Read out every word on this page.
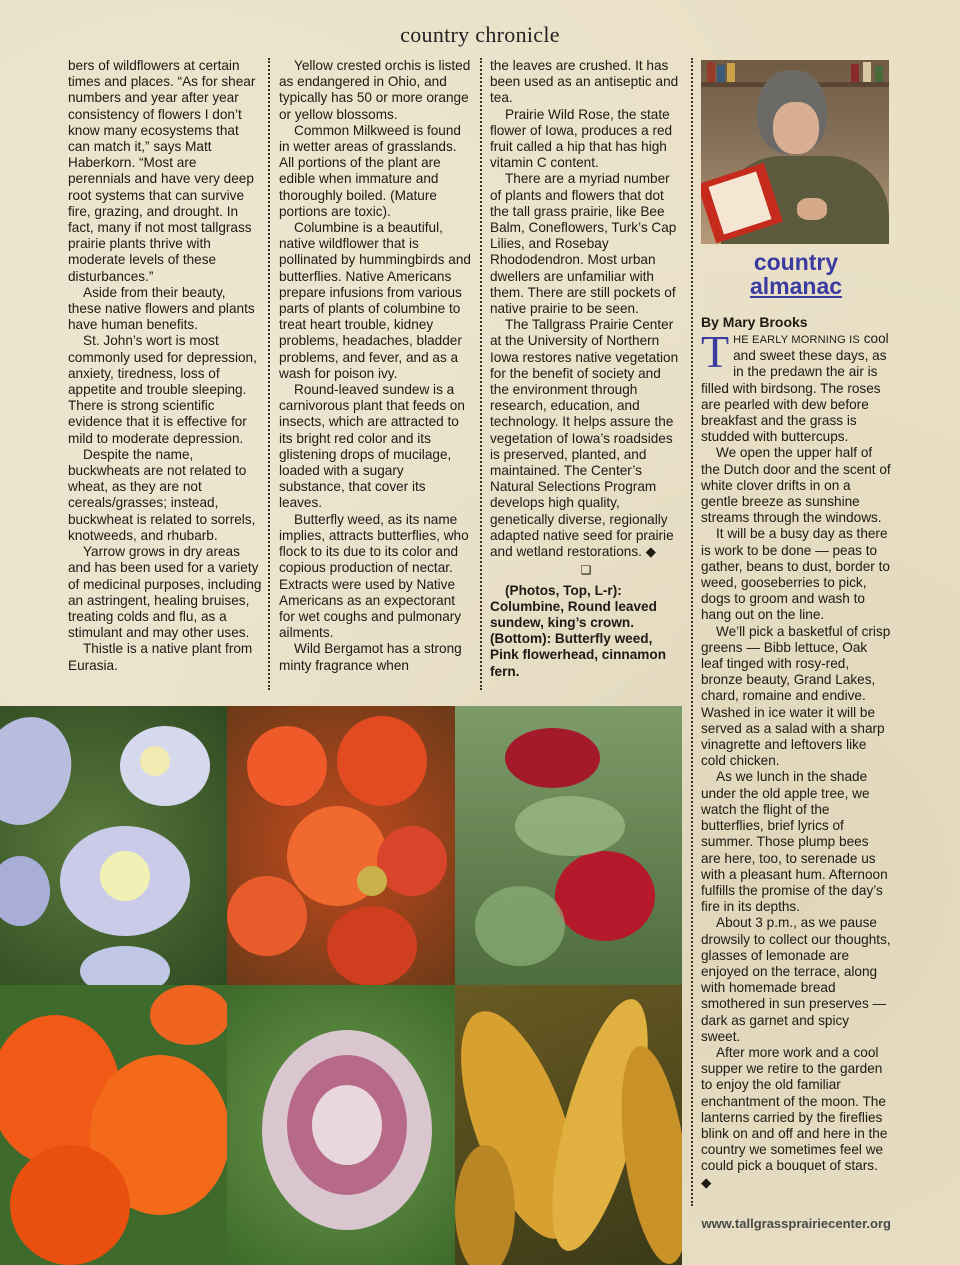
country chronicle

bers of wildflowers at certain times and places. “As for shear numbers and year after year consistency of flowers I don’t know many ecosystems that can match it,” says Matt Haberkorn. “Most are perennials and have very deep root systems that can survive fire, grazing, and drought. In fact, many if not most tallgrass prairie plants thrive with moderate levels of these disturbances.”

Aside from their beauty, these native flowers and plants have human benefits.

St. John’s wort is most commonly used for depression, anxiety, tiredness, loss of appetite and trouble sleeping. There is strong scientific evidence that it is effective for mild to moderate depression.

Despite the name, buckwheats are not related to wheat, as they are not cereals/grasses; instead, buckwheat is related to sorrels, knotweeds, and rhubarb.

Yarrow grows in dry areas and has been used for a variety of medicinal purposes, including an astringent, healing bruises, treating colds and flu, as a stimulant and may other uses.

Thistle is a native plant from Eurasia.

Yellow crested orchis is listed as endangered in Ohio, and typically has 50 or more orange or yellow blossoms.

Common Milkweed is found in wetter areas of grasslands. All portions of the plant are edible when immature and thoroughly boiled. (Mature portions are toxic).

Columbine is a beautiful, native wildflower that is pollinated by hummingbirds and butterflies. Native Americans prepare infusions from various parts of plants of columbine to treat heart trouble, kidney problems, headaches, bladder problems, and fever, and as a wash for poison ivy.

Round-leaved sundew is a carnivorous plant that feeds on insects, which are attracted to its bright red color and its glistening drops of mucilage, loaded with a sugary substance, that cover its leaves.

Butterfly weed, as its name implies, attracts butterflies, who flock to its due to its color and copious production of nectar. Extracts were used by Native Americans as an expectorant for wet coughs and pulmonary ailments.

Wild Bergamot has a strong minty fragrance when

the leaves are crushed. It has been used as an antiseptic and tea.

Prairie Wild Rose, the state flower of Iowa, produces a red fruit called a hip that has high vitamin C content.

There are a myriad number of plants and flowers that dot the tall grass prairie, like Bee Balm, Coneflowers, Turk’s Cap Lilies, and Rosebay Rhododendron. Most urban dwellers are unfamiliar with them. There are still pockets of native prairie to be seen.

The Tallgrass Prairie Center at the University of Northern Iowa restores native vegetation for the benefit of society and the environment through research, education, and technology. It helps assure the vegetation of Iowa’s roadsides is preserved, planted, and maintained. The Center’s Natural Selections Program develops high quality, genetically diverse, regionally adapted native seed for prairie and wetland restorations. ◆

❑

(Photos, Top, L-r): Columbine, Round leaved sundew, king’s crown. (Bottom): Butterfly weed, Pink flowerhead, cinnamon fern.

country
almanac
By Mary Brooks

THE EARLY MORNING IS cool and sweet these days, as in the predawn the air is filled with birdsong. The roses are pearled with dew before breakfast and the grass is studded with buttercups.

We open the upper half of the Dutch door and the scent of white clover drifts in on a gentle breeze as sunshine streams through the windows.

It will be a busy day as there is work to be done — peas to gather, beans to dust, border to weed, gooseberries to pick, dogs to groom and wash to hang out on the line.

We’ll pick a basketful of crisp greens — Bibb lettuce, Oak leaf tinged with rosy-red, bronze beauty, Grand Lakes, chard, romaine and endive. Washed in ice water it will be served as a salad with a sharp vinagrette and leftovers like cold chicken.

As we lunch in the shade under the old apple tree, we watch the flight of the butterflies, brief lyrics of summer. Those plump bees are here, too, to serenade us with a pleasant hum. Afternoon fulfills the promise of the day’s fire in its depths.

About 3 p.m., as we pause drowsily to collect our thoughts, glasses of lemonade are enjoyed on the terrace, along with homemade bread smothered in sun preserves — dark as garnet and spicy sweet.

After more work and a cool supper we retire to the garden to enjoy the old familiar enchantment of the moon. The lanterns carried by the fireflies blink on and off and here in the country we sometimes feel we could pick a bouquet of stars. ◆

www.tallgrassprairiecenter.org
